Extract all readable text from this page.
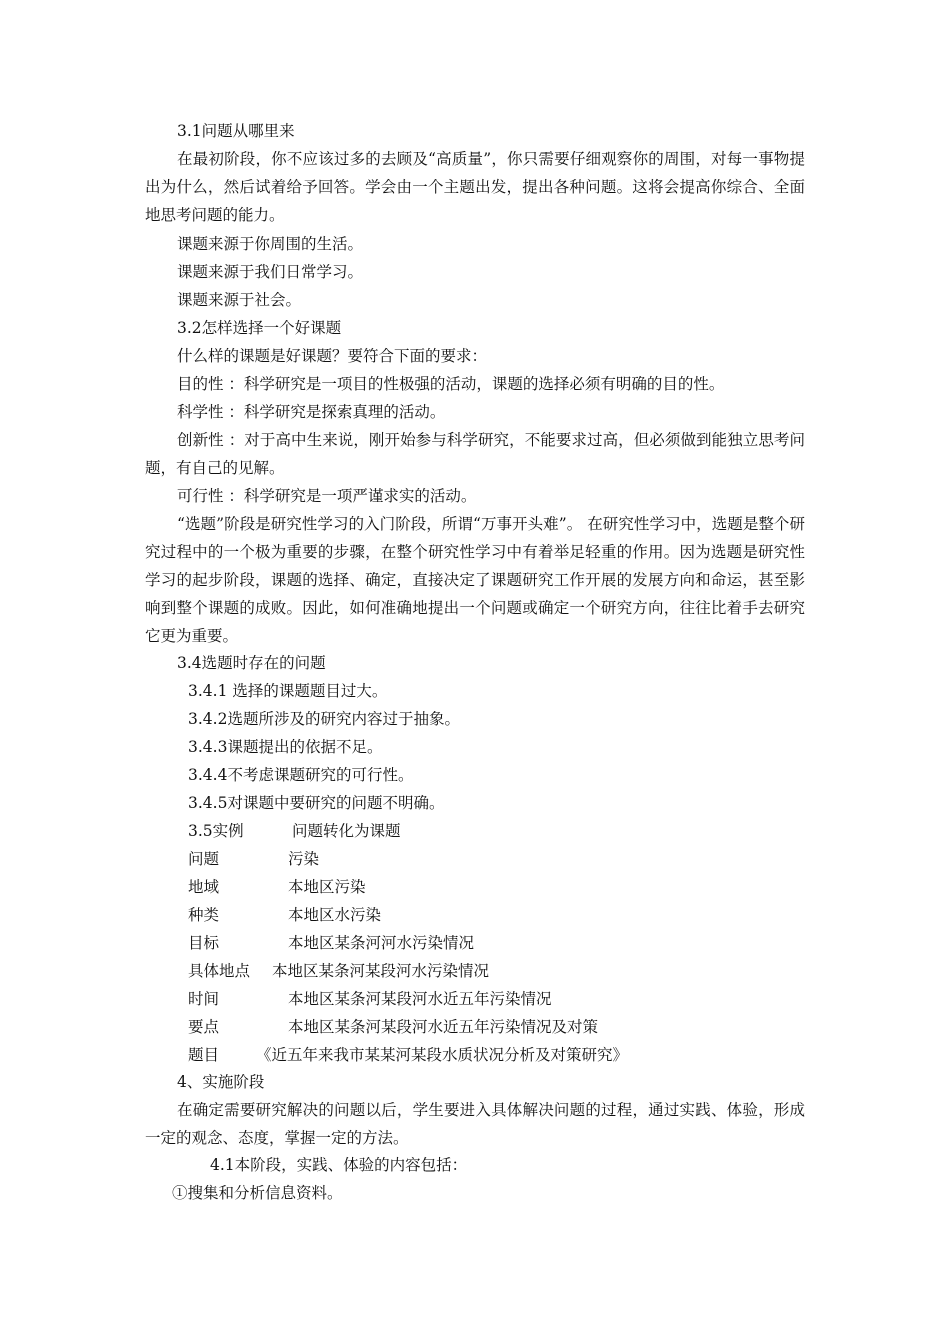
3.1问题从哪里来
在最初阶段，你不应该过多的去顾及“高质量”，你只需要仔细观察你的周围，对每一事物提出为什么，然后试着给予回答。学会由一个主题出发，提出各种问题。这将会提高你综合、全面地思考问题的能力。
课题来源于你周围的生活。
课题来源于我们日常学习。
课题来源于社会。
3.2怎样选择一个好课题
什么样的课题是好课题？要符合下面的要求：
目的性 ：科学研究是一项目的性极强的活动，课题的选择必须有明确的目的性。
科学性 ：科学研究是探索真理的活动。
创新性 ：对于高中生来说，刚开始参与科学研究，不能要求过高，但必须做到能独立思考问题，有自己的见解。
可行性 ：科学研究是一项严谨求实的活动。
“选题”阶段是研究性学习的入门阶段，所谓“万事开头难”。 在研究性学习中，选题是整个研究过程中的一个极为重要的步骤，在整个研究性学习中有着举足轻重的作用。因为选题是研究性学习的起步阶段，课题的选择、确定，直接决定了课题研究工作开展的发展方向和命运，甚至影响到整个课题的成败。因此，如何准确地提出一个问题或确定一个研究方向，往往比着手去研究它更为重要。
3.4选题时存在的问题
3.4.1 选择的课题题目过大。
3.4.2选题所涉及的研究内容过于抽象。
3.4.3课题提出的依据不足。
3.4.4不考虑课题研究的可行性。
3.4.5对课题中要研究的问题不明确。
3.5实例	问题转化为课题
问题	污染
地域	本地区污染
种类	本地区水污染
目标	本地区某条河河水污染情况
具体地点 本地区某条河某段河水污染情况
时间	本地区某条河某段河水近五年污染情况
要点	本地区某条河某段河水近五年污染情况及对策
题目 《近五年来我市某某河某段水质状况分析及对策研究》
4、实施阶段
在确定需要研究解决的问题以后，学生要进入具体解决问题的过程，通过实践、体验，形成一定的观念、态度，掌握一定的方法。
4.1本阶段，实践、体验的内容包括：
①搜集和分析信息资料。
